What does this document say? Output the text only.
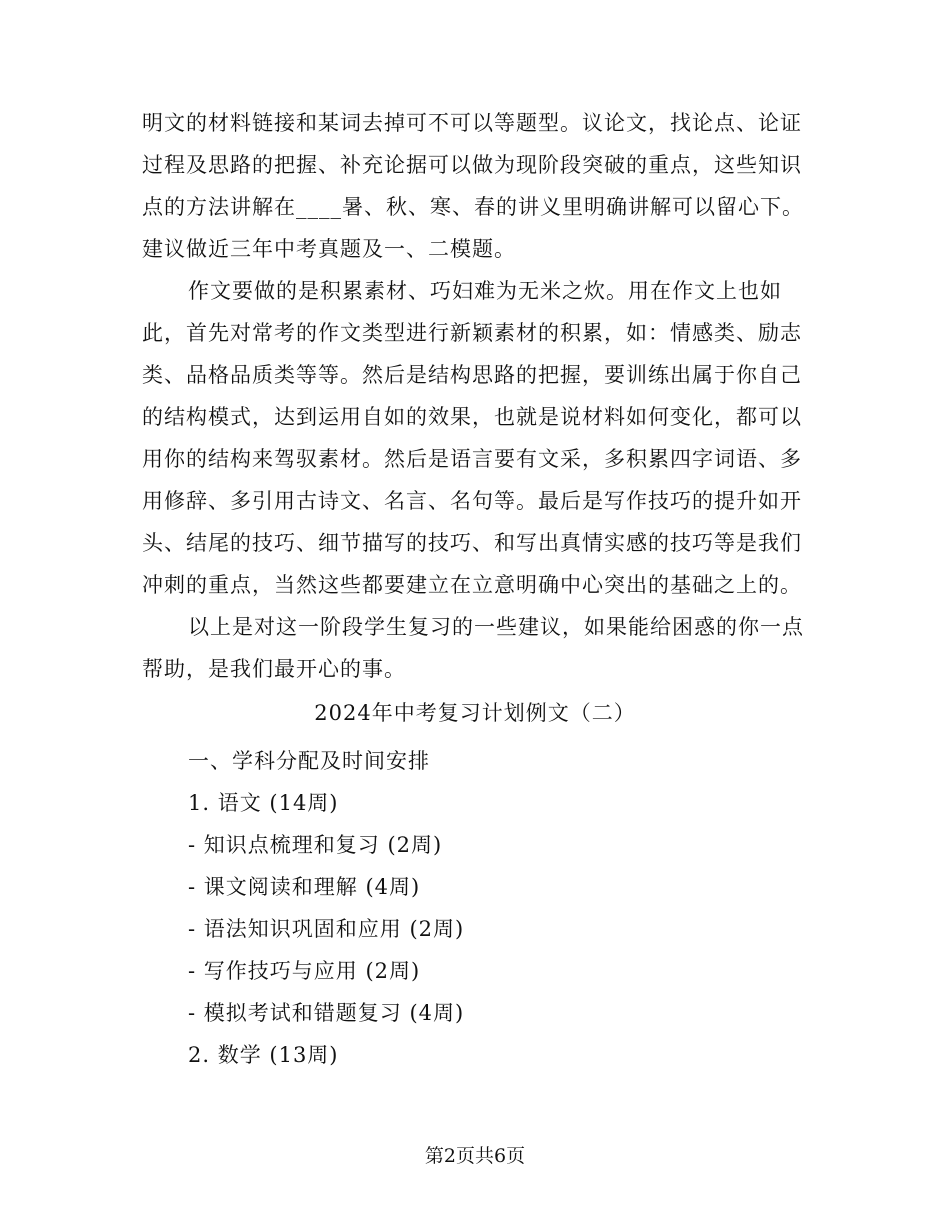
明文的材料链接和某词去掉可不可以等题型。议论文，找论点、论证
过程及思路的把握、补充论据可以做为现阶段突破的重点，这些知识
点的方法讲解在____暑、秋、寒、春的讲义里明确讲解可以留心下。
建议做近三年中考真题及一、二模题。
作文要做的是积累素材、巧妇难为无米之炊。用在作文上也如
此，首先对常考的作文类型进行新颖素材的积累，如：情感类、励志
类、品格品质类等等。然后是结构思路的把握，要训练出属于你自己
的结构模式，达到运用自如的效果，也就是说材料如何变化，都可以
用你的结构来驾驭素材。然后是语言要有文采，多积累四字词语、多
用修辞、多引用古诗文、名言、名句等。最后是写作技巧的提升如开
头、结尾的技巧、细节描写的技巧、和写出真情实感的技巧等是我们
冲刺的重点，当然这些都要建立在立意明确中心突出的基础之上的。
以上是对这一阶段学生复习的一些建议，如果能给困惑的你一点
帮助，是我们最开心的事。
2024年中考复习计划例文（二）
一、学科分配及时间安排
1. 语文 (14周)
- 知识点梳理和复习 (2周)
- 课文阅读和理解 (4周)
- 语法知识巩固和应用 (2周)
- 写作技巧与应用 (2周)
- 模拟考试和错题复习 (4周)
2. 数学 (13周)
第2页共6页
